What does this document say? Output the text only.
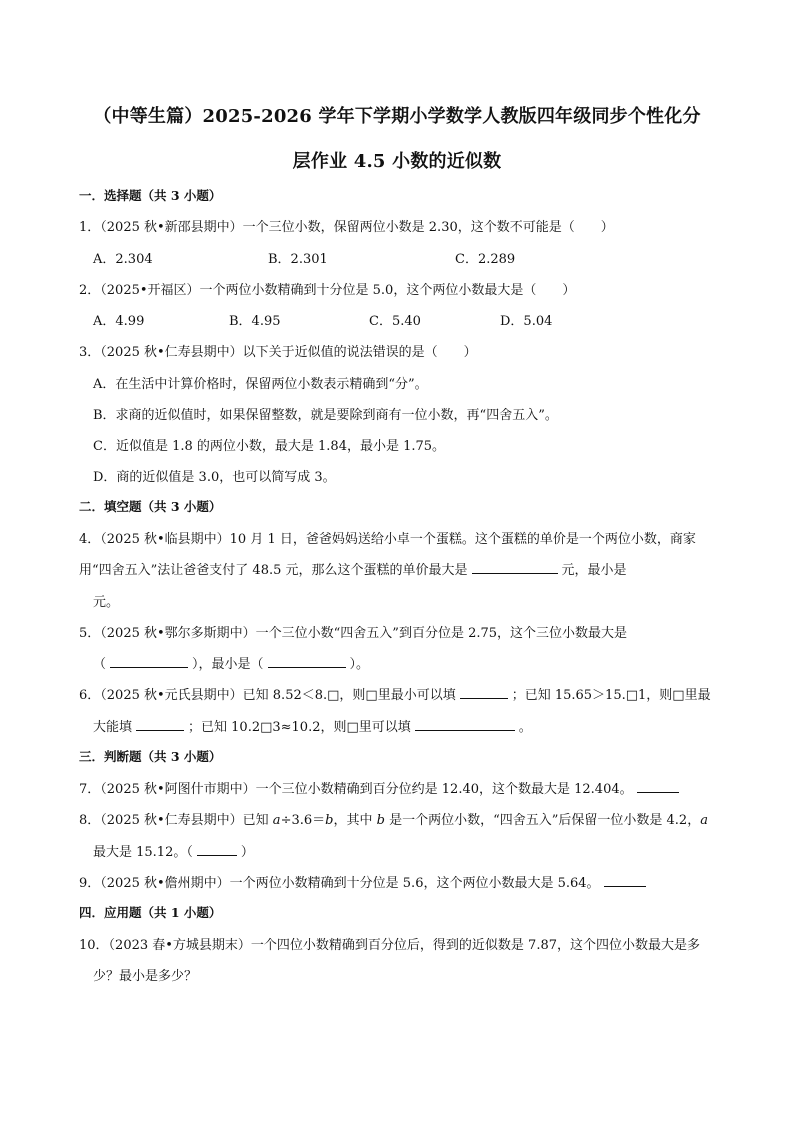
（中等生篇）2025-2026 学年下学期小学数学人教版四年级同步个性化分
层作业 4.5 小数的近似数
一．选择题（共 3 小题）
1．（2025 秋•新邵县期中）一个三位小数，保留两位小数是 2.30，这个数不可能是（　　）
A．2.304	B．2.301	C．2.289
2．（2025•开福区）一个两位小数精确到十分位是 5.0，这个两位小数最大是（　　）
A．4.99	B．4.95	C．5.40	D．5.04
3．（2025 秋•仁寿县期中）以下关于近似值的说法错误的是（　　）
A．在生活中计算价格时，保留两位小数表示精确到“分”。
B．求商的近似值时，如果保留整数，就是要除到商有一位小数，再“四舍五入”。
C．近似值是 1.8 的两位小数，最大是 1.84，最小是 1.75。
D．商的近似值是 3.0，也可以简写成 3。
二．填空题（共 3 小题）
4．（2025 秋•临县期中）10 月 1 日，爸爸妈妈送给小卓一个蛋糕。这个蛋糕的单价是一个两位小数，商家
用“四舍五入”法让爸爸支付了 48.5 元，那么这个蛋糕的单价最大是	元，最小是
元。
5．（2025 秋•鄂尔多斯期中）一个三位小数“四舍五入”到百分位是 2.75，这个三位小数最大是
（	），最小是（	）。
6．（2025 秋•元氏县期中）已知 8.52＜8.□，则□里最小可以填	；已知 15.65＞15.□1，则□里最
大能填	；已知 10.2□3≈10.2，则□里可以填	。
三．判断题（共 3 小题）
7．（2025 秋•阿图什市期中）一个三位小数精确到百分位约是 12.40，这个数最大是 12.404。
8．（2025 秋•仁寿县期中）已知 a÷3.6＝b，其中 b 是一个两位小数，“四舍五入”后保留一位小数是 4.2，a
最大是 15.12。（	）
9．（2025 秋•儋州期中）一个两位小数精确到十分位是 5.6，这个两位小数最大是 5.64。
四．应用题（共 1 小题）
10．（2023 春•方城县期末）一个四位小数精确到百分位后，得到的近似数是 7.87，这个四位小数最大是多
少？最小是多少？
